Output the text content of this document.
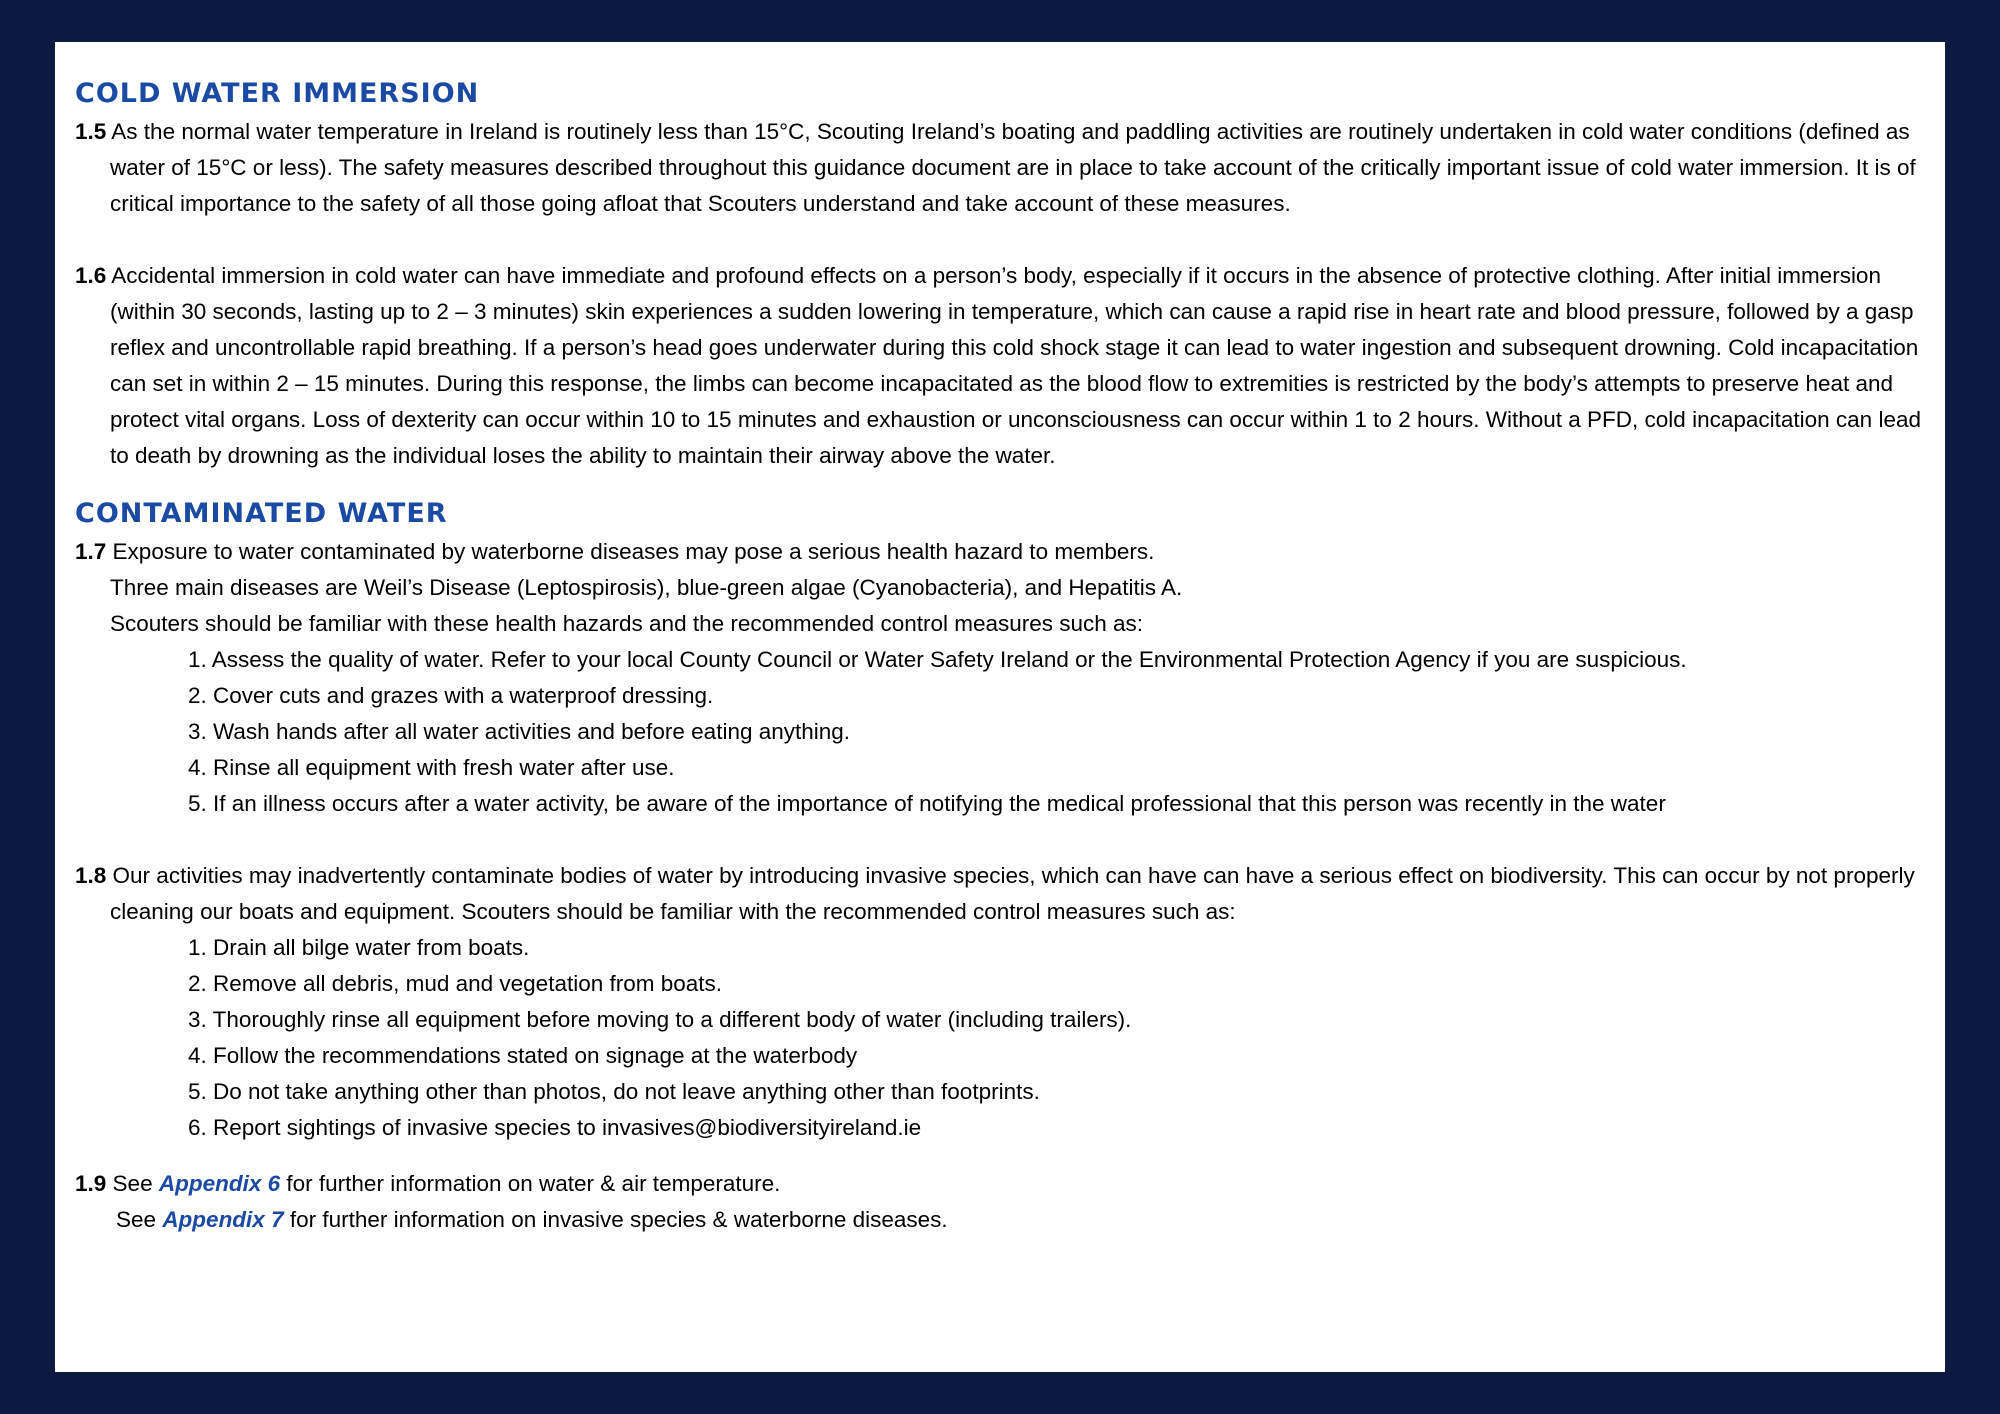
COLD WATER IMMERSION

1.5 As the normal water temperature in Ireland is routinely less than 15°C, Scouting Ireland’s boating and paddling activities are routinely undertaken in cold water conditions (defined as water of 15°C or less). The safety measures described throughout this guidance document are in place to take account of the critically important issue of cold water immersion. It is of critical importance to the safety of all those going afloat that Scouters understand and take account of these measures.

1.6 Accidental immersion in cold water can have immediate and profound effects on a person’s body, especially if it occurs in the absence of protective clothing. After initial immersion (within 30 seconds, lasting up to 2 – 3 minutes) skin experiences a sudden lowering in temperature, which can cause a rapid rise in heart rate and blood pressure, followed by a gasp reflex and uncontrollable rapid breathing. If a person’s head goes underwater during this cold shock stage it can lead to water ingestion and subsequent drowning. Cold incapacitation can set in within 2 – 15 minutes. During this response, the limbs can become incapacitated as the blood flow to extremities is restricted by the body’s attempts to preserve heat and protect vital organs. Loss of dexterity can occur within 10 to 15 minutes and exhaustion or unconsciousness can occur within 1 to 2 hours. Without a PFD, cold incapacitation can lead to death by drowning as the individual loses the ability to maintain their airway above the water.

CONTAMINATED WATER

1.7 Exposure to water contaminated by waterborne diseases may pose a serious health hazard to members.

Three main diseases are Weil’s Disease (Leptospirosis), blue-green algae (Cyanobacteria), and Hepatitis A.

Scouters should be familiar with these health hazards and the recommended control measures such as:

1. Assess the quality of water. Refer to your local County Council or Water Safety Ireland or the Environmental Protection Agency if you are suspicious.
2. Cover cuts and grazes with a waterproof dressing.
3. Wash hands after all water activities and before eating anything.
4. Rinse all equipment with fresh water after use.
5. If an illness occurs after a water activity, be aware of the importance of notifying the medical professional that this person was recently in the water

1.8 Our activities may inadvertently contaminate bodies of water by introducing invasive species, which can have can have a serious effect on biodiversity. This can occur by not properly cleaning our boats and equipment. Scouters should be familiar with the recommended control measures such as:

1. Drain all bilge water from boats.
2. Remove all debris, mud and vegetation from boats.
3. Thoroughly rinse all equipment before moving to a different body of water (including trailers).
4. Follow the recommendations stated on signage at the waterbody
5. Do not take anything other than photos, do not leave anything other than footprints.
6. Report sightings of invasive species to invasives@biodiversityireland.ie

1.9 See Appendix 6 for further information on water & air temperature.

See Appendix 7 for further information on invasive species & waterborne diseases.
